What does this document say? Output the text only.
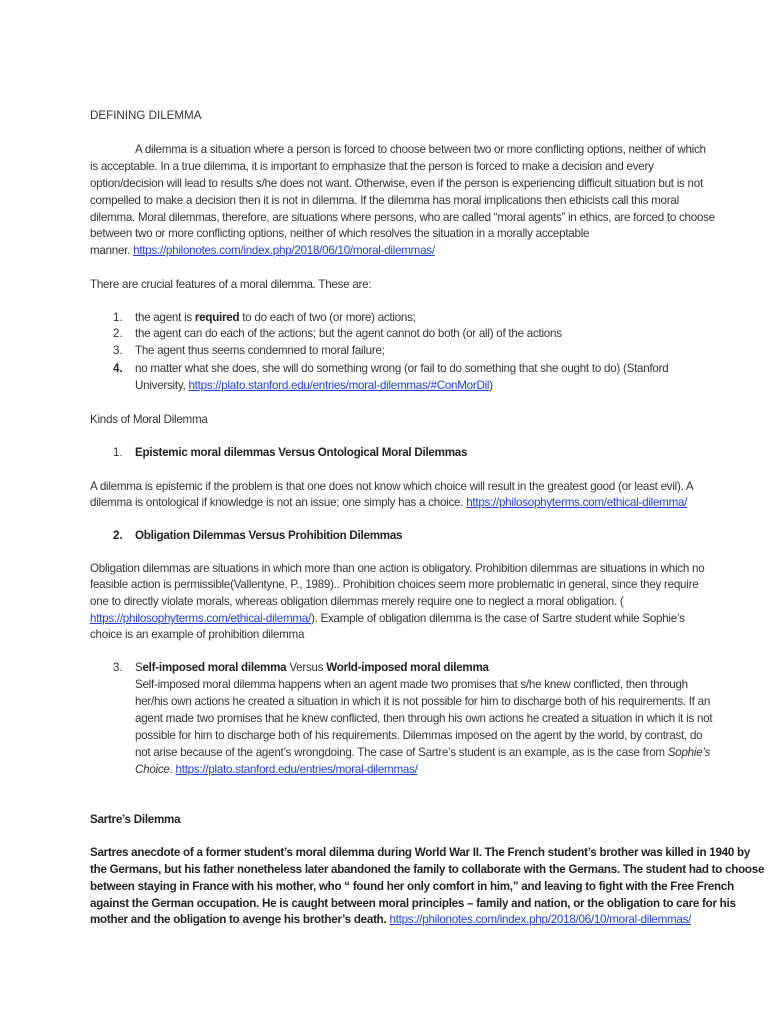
DEFINING DILEMMA
A dilemma is a situation where a person is forced to choose between two or more conflicting options, neither of which
is acceptable. In a true dilemma, it is important to emphasize that the person is forced to make a decision and every
option/decision will lead to results s/he does not want. Otherwise, even if the person is experiencing difficult situation but is not
compelled to make a decision then it is not in dilemma. If the dilemma has moral implications then ethicists call this moral
dilemma. Moral dilemmas, therefore, are situations where persons, who are called “moral agents” in ethics, are forced to choose
between two or more conflicting options, neither of which resolves the situation in a morally acceptable
manner. https://philonotes.com/index.php/2018/06/10/moral-dilemmas/
There are crucial features of a moral dilemma. These are:
1. the agent is required to do each of two (or more) actions;
2. the agent can do each of the actions; but the agent cannot do both (or all) of the actions
3. The agent thus seems condemned to moral failure;
4. no matter what she does, she will do something wrong (or fail to do something that she ought to do) (Stanford
University, https://plato.stanford.edu/entries/moral-dilemmas/#ConMorDil)
Kinds of Moral Dilemma
1. Epistemic moral dilemmas Versus Ontological Moral Dilemmas
A dilemma is epistemic if the problem is that one does not know which choice will result in the greatest good (or least evil). A
dilemma is ontological if knowledge is not an issue; one simply has a choice. https://philosophyterms.com/ethical-dilemma/
2. Obligation Dilemmas Versus Prohibition Dilemmas
Obligation dilemmas are situations in which more than one action is obligatory. Prohibition dilemmas are situations in which no
feasible action is permissible(Vallentyne, P., 1989).. Prohibition choices seem more problematic in general, since they require
one to directly violate morals, whereas obligation dilemmas merely require one to neglect a moral obligation. (
https://philosophyterms.com/ethical-dilemma/). Example of obligation dilemma is the case of Sartre student while Sophie’s
choice is an example of prohibition dilemma
3. Self-imposed moral dilemma Versus World-imposed moral dilemma
Self-imposed moral dilemma happens when an agent made two promises that s/he knew conflicted, then through
her/his own actions he created a situation in which it is not possible for him to discharge both of his requirements. If an
agent made two promises that he knew conflicted, then through his own actions he created a situation in which it is not
possible for him to discharge both of his requirements. Dilemmas imposed on the agent by the world, by contrast, do
not arise because of the agent’s wrongdoing. The case of Sartre’s student is an example, as is the case from Sophie’s
Choice. https://plato.stanford.edu/entries/moral-dilemmas/
Sartre’s Dilemma
Sartres anecdote of a former student’s moral dilemma during World War II. The French student’s brother was killed in 1940 by
the Germans, but his father nonetheless later abandoned the family to collaborate with the Germans. The student had to choose
between staying in France with his mother, who “ found her only comfort in him,” and leaving to fight with the Free French
against the German occupation. He is caught between moral principles – family and nation, or the obligation to care for his
mother and the obligation to avenge his brother’s death. https://philonotes.com/index.php/2018/06/10/moral-dilemmas/
